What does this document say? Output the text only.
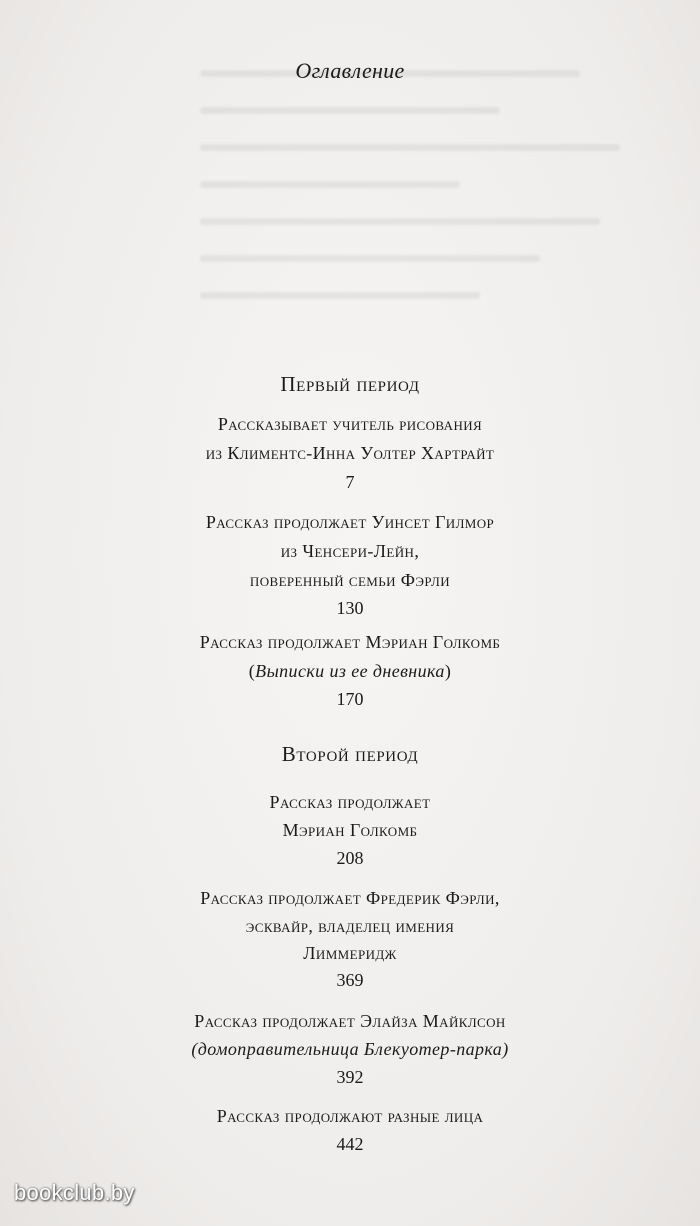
Оглавление
Первый период
Рассказывает учитель рисования
из Климентс-Инна Уолтер Хартрайт
7
Рассказ продолжает Уинсет Гилмор
из Ченсери-Лейн,
поверенный семьи Фэрли
130
Рассказ продолжает Мэриан Голкомб
(Выписки из ее дневника)
170
Второй период
Рассказ продолжает
Мэриан Голкомб
208
Рассказ продолжает Фредерик Фэрли,
эсквайр, владелец имения
Лиммеридж
369
Рассказ продолжает Элайза Майклсон
(домоправительница Блекуотер-парка)
392
Рассказ продолжают разные лица
442
bookclub.by
